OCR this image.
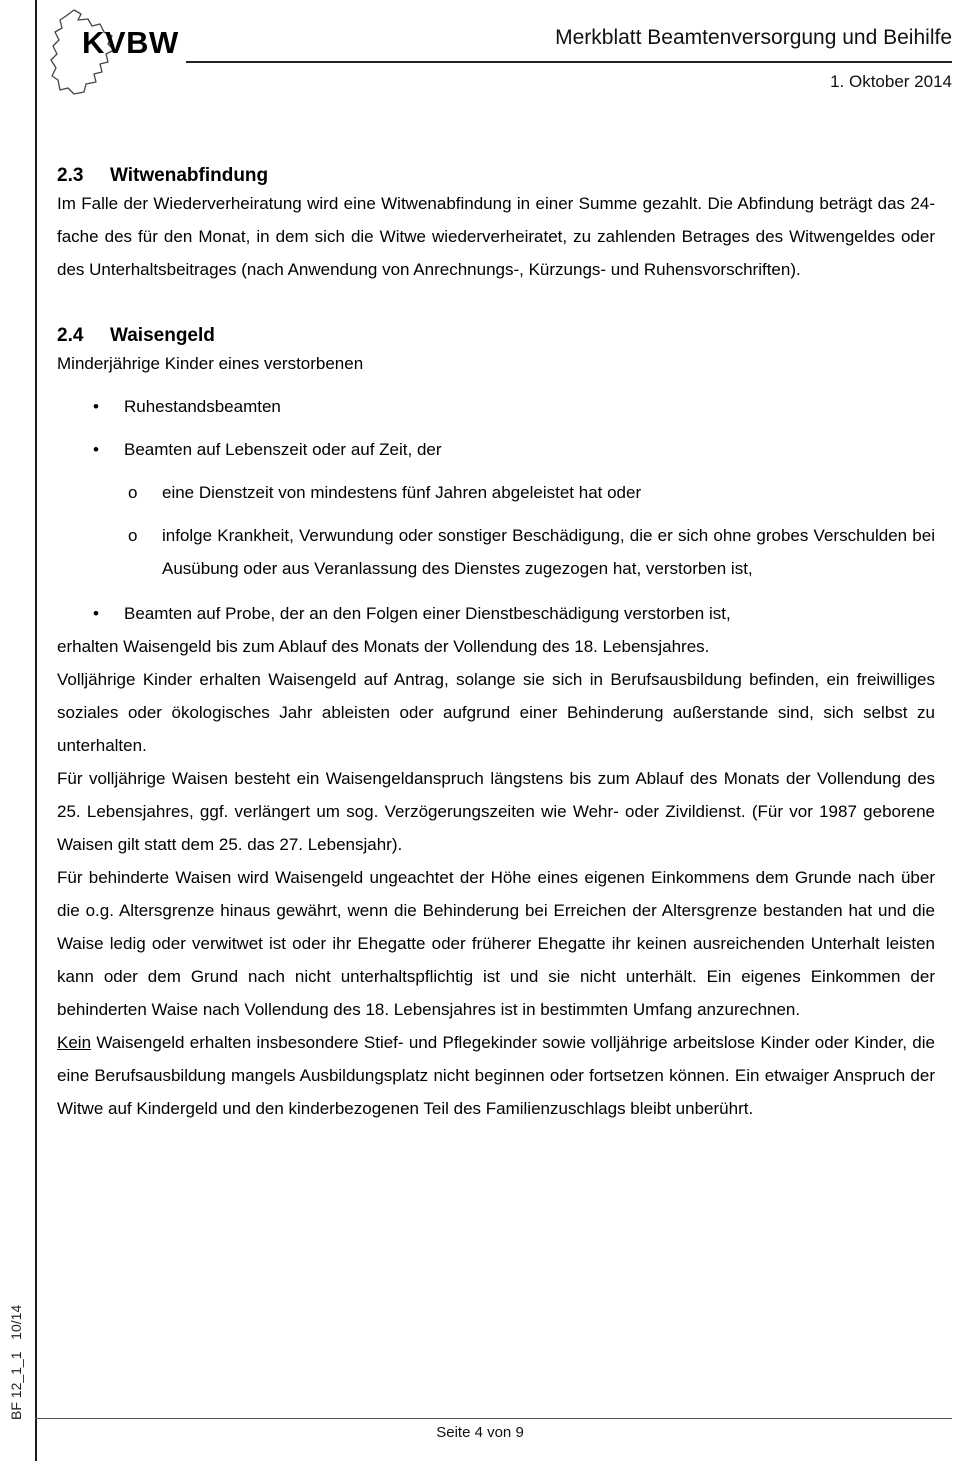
KVBW	Merkblatt Beamtenversorgung und Beihilfe
1. Oktober 2014
2.3	Witwenabfindung

Im Falle der Wiederverheiratung wird eine Witwenabfindung in einer Summe gezahlt. Die Abfindung beträgt das 24-fache des für den Monat, in dem sich die Witwe wiederverheiratet, zu zahlenden Betrages des Witwengeldes oder des Unterhaltsbeitrages (nach Anwendung von Anrechnungs-, Kürzungs- und Ruhensvorschriften).

2.4	Waisengeld

Minderjährige Kinder eines verstorbenen

• Ruhestandsbeamten
• Beamten auf Lebenszeit oder auf Zeit, der
o eine Dienstzeit von mindestens fünf Jahren abgeleistet hat oder
o infolge Krankheit, Verwundung oder sonstiger Beschädigung, die er sich ohne grobes Verschulden bei Ausübung oder aus Veranlassung des Dienstes zugezogen hat, verstorben ist,
• Beamten auf Probe, der an den Folgen einer Dienstbeschädigung verstorben ist,

erhalten Waisengeld bis zum Ablauf des Monats der Vollendung des 18. Lebensjahres.

Volljährige Kinder erhalten Waisengeld auf Antrag, solange sie sich in Berufsausbildung befinden, ein freiwilliges soziales oder ökologisches Jahr ableisten oder aufgrund einer Behinderung außerstande sind, sich selbst zu unterhalten.

Für volljährige Waisen besteht ein Waisengeldanspruch längstens bis zum Ablauf des Monats der Vollendung des 25. Lebensjahres, ggf. verlängert um sog. Verzögerungszeiten wie Wehr- oder Zivildienst. (Für vor 1987 geborene Waisen gilt statt dem 25. das 27. Lebensjahr).

Für behinderte Waisen wird Waisengeld ungeachtet der Höhe eines eigenen Einkommens dem Grunde nach über die o.g. Altersgrenze hinaus gewährt, wenn die Behinderung bei Erreichen der Altersgrenze bestanden hat und die Waise ledig oder verwitwet ist oder ihr Ehegatte oder früherer Ehegatte ihr keinen ausreichenden Unterhalt leisten kann oder dem Grund nach nicht unterhaltspflichtig ist und sie nicht unterhält. Ein eigenes Einkommen der behinderten Waise nach Vollendung des 18. Lebensjahres ist in bestimmten Umfang anzurechnen.

Kein Waisengeld erhalten insbesondere Stief- und Pflegekinder sowie volljährige arbeitslose Kinder oder Kinder, die eine Berufsausbildung mangels Ausbildungsplatz nicht beginnen oder fortsetzen können. Ein etwaiger Anspruch der Witwe auf Kindergeld und den kinderbezogenen Teil des Familienzuschlags bleibt unberührt.

BF 12_1_1   10/14
Seite 4 von 9
